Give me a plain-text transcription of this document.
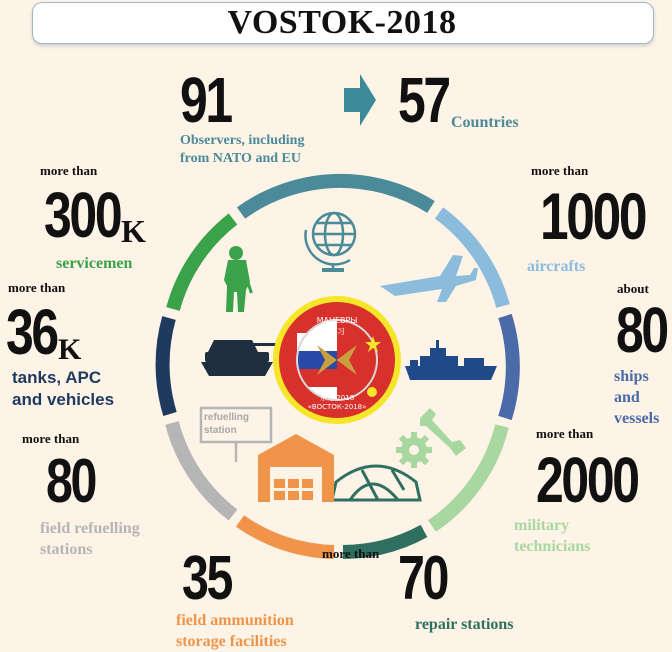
VOSTOK-2018
МАНЕВРЫ
演习
东方-2018
«ВОСТОК-2018»
refuelling
station
91
Observers, including
from NATO and EU
57 Countries
more than
300 K
servicemen
more than
36 K
tanks, APC
and vehicles
more than
80
field refuelling
stations	35
field ammunition
storage facilities
more than 70
repair stations
more than
2000
military
technicians
about
80
ships and
vessels
more than
1000
aircrafts
